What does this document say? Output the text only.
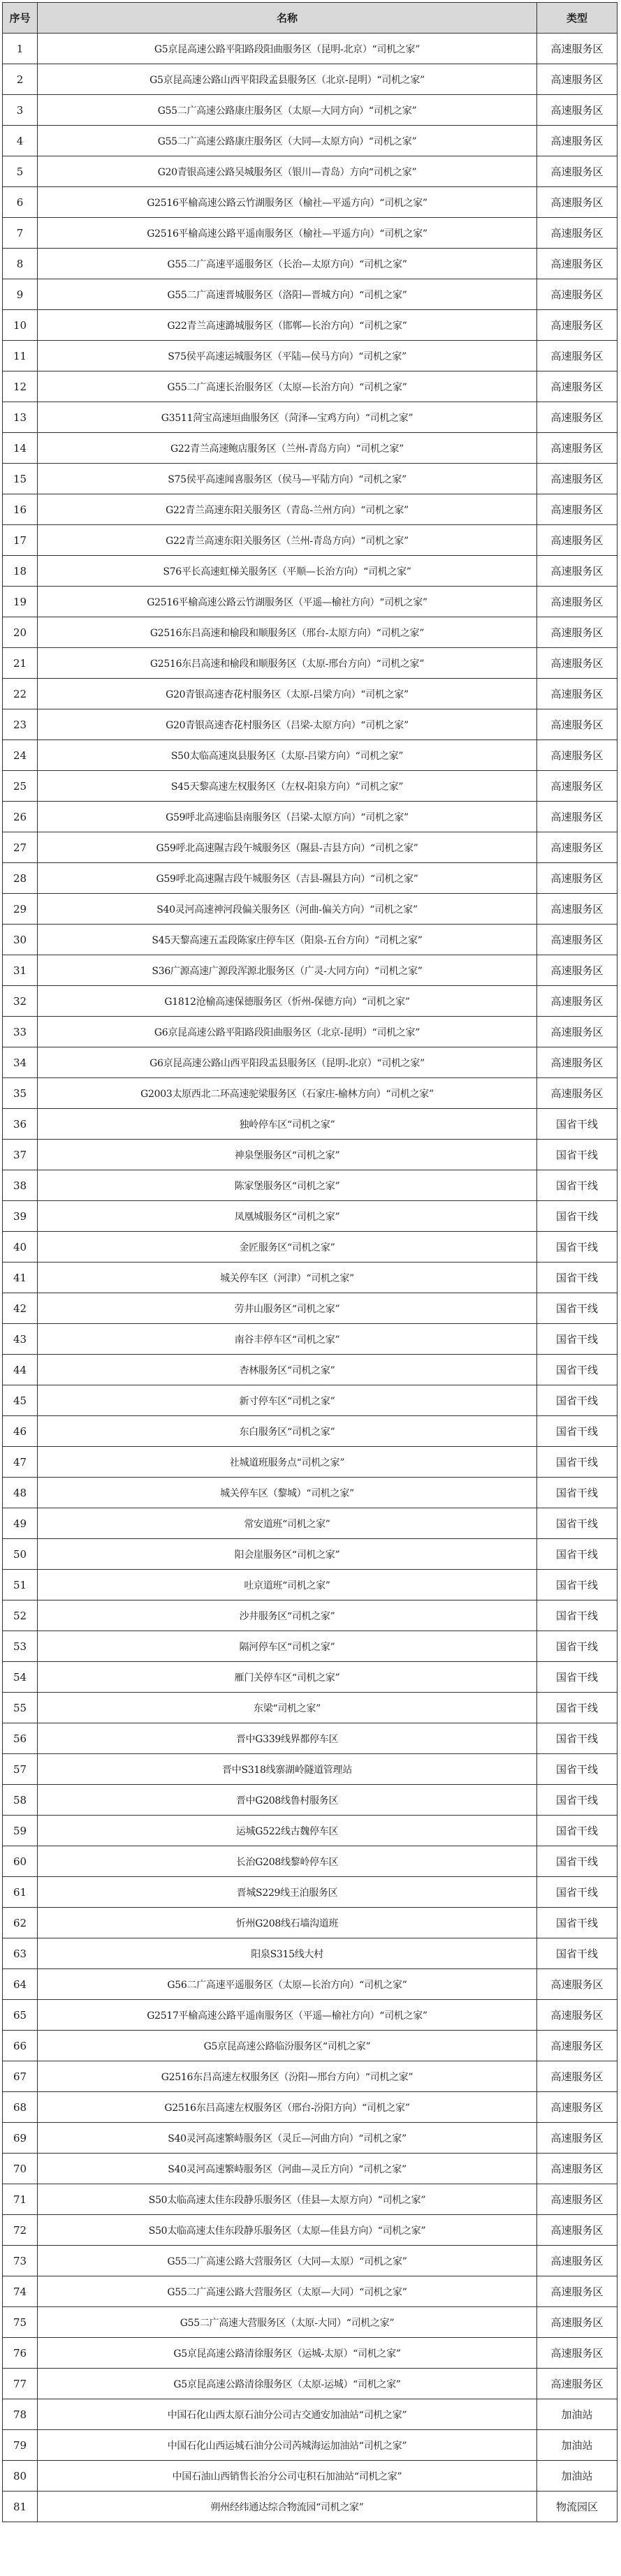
序号	名称	类型
1	G5京昆高速公路平阳路段阳曲服务区（昆明-北京）“司机之家”	高速服务区
2	G5京昆高速公路山西平阳段孟县服务区（北京-昆明）“司机之家”	高速服务区
3	G55二广高速公路康庄服务区（太原—大同方向）“司机之家”	高速服务区
4	G55二广高速公路康庄服务区（大同—太原方向）“司机之家”	高速服务区
5	G20青银高速公路吴城服务区（银川—青岛）方向“司机之家”	高速服务区
6	G2516平榆高速公路云竹湖服务区（榆社—平遥方向）“司机之家”	高速服务区
7	G2516平榆高速公路平遥南服务区（榆社—平遥方向）“司机之家”	高速服务区
8	G55二广高速平遥服务区（长治—太原方向）“司机之家”	高速服务区
9	G55二广高速晋城服务区（洛阳—晋城方向）“司机之家”	高速服务区
10	G22青兰高速潞城服务区（邯郸—长治方向）“司机之家”	高速服务区
11	S75侯平高速运城服务区（平陆—侯马方向）“司机之家”	高速服务区
12	G55二广高速长治服务区（太原—长治方向）“司机之家”	高速服务区
13	G3511菏宝高速垣曲服务区（菏泽—宝鸡方向）“司机之家”	高速服务区
14	G22青兰高速鲍店服务区（兰州-青岛方向）“司机之家”	高速服务区
15	S75侯平高速闻喜服务区（侯马—平陆方向）“司机之家”	高速服务区
16	G22青兰高速东阳关服务区（青岛-兰州方向）“司机之家”	高速服务区
17	G22青兰高速东阳关服务区（兰州-青岛方向）“司机之家”	高速服务区
18	S76平长高速虹梯关服务区（平顺—长治方向）“司机之家”	高速服务区
19	G2516平榆高速公路云竹湖服务区（平遥—榆社方向）“司机之家”	高速服务区
20	G2516东吕高速和榆段和顺服务区（邢台-太原方向）“司机之家”	高速服务区
21	G2516东吕高速和榆段和顺服务区（太原-邢台方向）“司机之家”	高速服务区
22	G20青银高速杏花村服务区（太原-吕梁方向）“司机之家”	高速服务区
23	G20青银高速杏花村服务区（吕梁-太原方向）“司机之家”	高速服务区
24	S50太临高速岚县服务区（太原-吕梁方向）“司机之家”	高速服务区
25	S45天黎高速左权服务区（左权-阳泉方向）“司机之家”	高速服务区
26	G59呼北高速临县南服务区（吕梁-太原方向）“司机之家”	高速服务区
27	G59呼北高速隰吉段午城服务区（隰县-吉县方向）“司机之家”	高速服务区
28	G59呼北高速隰吉段午城服务区（吉县-隰县方向）“司机之家”	高速服务区
29	S40灵河高速神河段偏关服务区（河曲-偏关方向）“司机之家”	高速服务区
30	S45天黎高速五盂段陈家庄停车区（阳泉-五台方向）“司机之家”	高速服务区
31	S36广源高速广源段浑源北服务区（广灵-大同方向）“司机之家”	高速服务区
32	G1812沧榆高速保德服务区（忻州-保德方向）“司机之家”	高速服务区
33	G6京昆高速公路平阳路段阳曲服务区（北京-昆明）“司机之家”	高速服务区
34	G6京昆高速公路山西平阳段盂县服务区（昆明-北京）“司机之家”	高速服务区
35	G2003太原西北二环高速驼梁服务区（石家庄-榆林方向）“司机之家”	高速服务区
36	独岭停车区“司机之家”	国省干线
37	神泉堡服务区“司机之家”	国省干线
38	陈家堡服务区“司机之家”	国省干线
39	凤凰城服务区“司机之家”	国省干线
40	金匠服务区“司机之家”	国省干线
41	城关停车区（河津）“司机之家”	国省干线
42	劳井山服务区“司机之家”	国省干线
43	南谷丰停车区“司机之家”	国省干线
44	杏林服务区“司机之家”	国省干线
45	新寸停车区“司机之家”	国省干线
46	东白服务区“司机之家”	国省干线
47	社城道班服务点“司机之家”	国省干线
48	城关停车区（黎城）“司机之家”	国省干线
49	常安道班“司机之家”	国省干线
50	阳会崖服务区“司机之家”	国省干线
51	吐京道班“司机之家”	国省干线
52	沙井服务区“司机之家”	国省干线
53	隔河停车区“司机之家”	国省干线
54	雁门关停车区“司机之家”	国省干线
55	东梁“司机之家”	国省干线
56	晋中G339线界都停车区	国省干线
57	晋中S318线寨湖岭隧道管理站	国省干线
58	晋中G208线鲁村服务区	国省干线
59	运城G522线古魏停车区	国省干线
60	长治G208线黎岭停车区	国省干线
61	晋城S229线王泊服务区	国省干线
62	忻州G208线石墙沟道班	国省干线
63	阳泉S315线大村	国省干线
64	G56二广高速平遥服务区（太原—长治方向）“司机之家”	高速服务区
65	G2517平榆高速公路平遥南服务区（平遥—榆社方向）“司机之家”	高速服务区
66	G5京昆高速公路临汾服务区“司机之家”	高速服务区
67	G2516东吕高速左权服务区（汾阳—邢台方向）“司机之家”	高速服务区
68	G2516东吕高速左权服务区（邢台-汾阳方向）“司机之家”	高速服务区
69	S40灵河高速繁峙服务区（灵丘—河曲方向）“司机之家”	高速服务区
70	S40灵河高速繁峙服务区（河曲—灵丘方向）“司机之家”	高速服务区
71	S50太临高速太佳东段静乐服务区（佳县—太原方向）“司机之家”	高速服务区
72	S50太临高速太佳东段静乐服务区（太原—佳县方向）“司机之家”	高速服务区
73	G55二广高速公路大营服务区（大同—太原）“司机之家”	高速服务区
74	G55二广高速公路大营服务区（太原—大同）“司机之家”	高速服务区
75	G55二广高速大营服务区（太原-大同）“司机之家”	高速服务区
76	G5京昆高速公路清徐服务区（运城-太原）“司机之家”	高速服务区
77	G5京昆高速公路清徐服务区（太原-运城）“司机之家”	高速服务区
78	中国石化山西太原石油分公司古交通安加油站“司机之家”	加油站
79	中国石化山西运城石油分公司芮城海运加油站“司机之家”	加油站
80	中国石油山西销售长治分公司屯积石加油站“司机之家”	加油站
81	朔州经纬通达综合物流园“司机之家”	物流园区
